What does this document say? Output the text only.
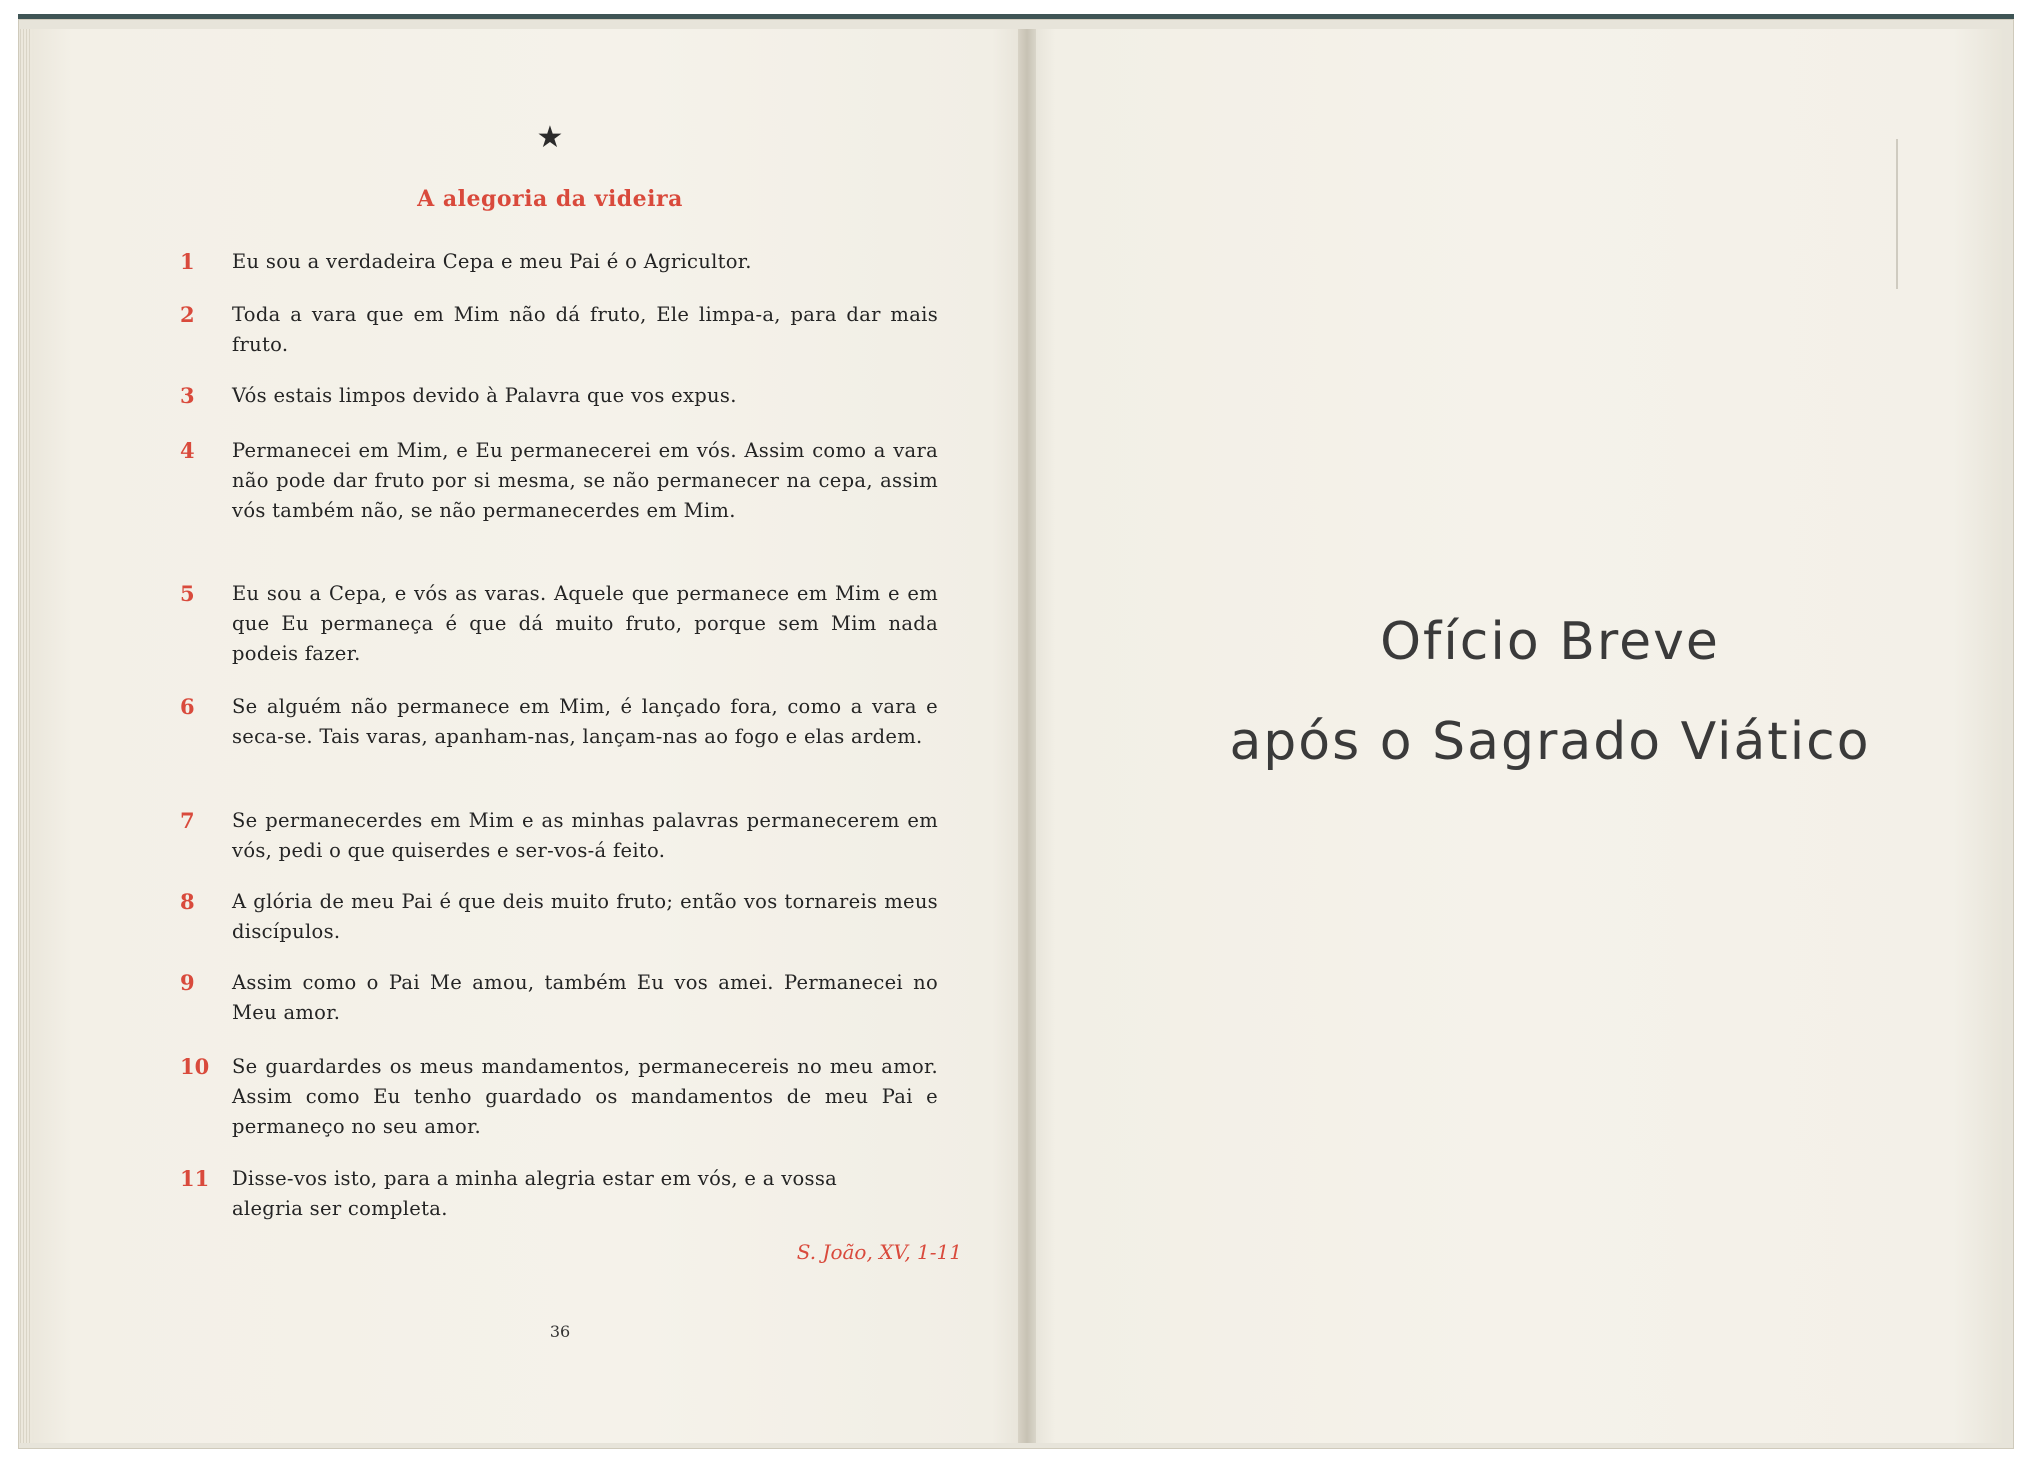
★
A alegoria da videira
1	Eu sou a verdadeira Cepa e meu Pai é o Agricultor.
2	Toda a vara que em Mim não dá fruto, Ele limpa-a, para dar mais fruto.
3	Vós estais limpos devido à Palavra que vos expus.
4	Permanecei em Mim, e Eu permanecerei em vós. Assim como a vara não pode dar fruto por si mesma, se não permanecer na cepa, assim vós também não, se não permanecerdes em Mim.
5	Eu sou a Cepa, e vós as varas. Aquele que permanece em Mim e em que Eu permaneça é que dá muito fruto, porque sem Mim nada podeis fazer.
6	Se alguém não permanece em Mim, é lançado fora, como a vara e seca-se. Tais varas, apanham-nas, lançam-nas ao fogo e elas ardem.
7	Se permanecerdes em Mim e as minhas palavras permanecerem em vós, pedi o que quiserdes e ser-vos-á feito.
8	A glória de meu Pai é que deis muito fruto; então vos tornareis meus discípulos.
9	Assim como o Pai Me amou, também Eu vos amei. Permanecei no Meu amor.
10	Se guardardes os meus mandamentos, permanecereis no meu amor. Assim como Eu tenho guardado os mandamentos de meu Pai e permaneço no seu amor.
11	Disse-vos isto, para a minha alegria estar em vós, e a vossa alegria ser completa.
S. João, XV, 1-11
36
Ofício Breve
após o Sagrado Viático
